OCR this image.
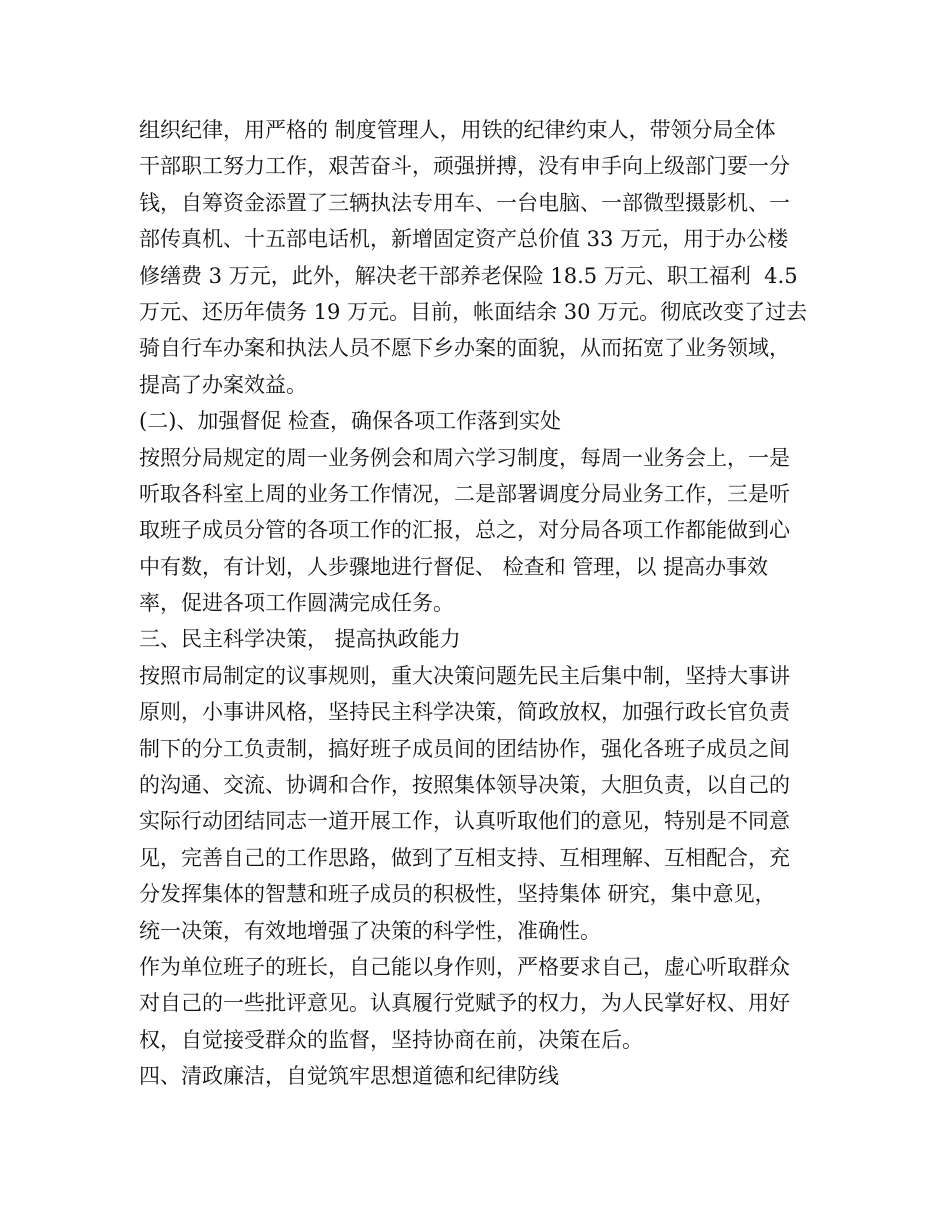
组织纪律，用严格的 制度管理人，用铁的纪律约束人，带领分局全体
干部职工努力工作，艰苦奋斗，顽强拼搏，没有申手向上级部门要一分
钱，自筹资金添置了三辆执法专用车、一台电脑、一部微型摄影机、一
部传真机、十五部电话机，新增固定资产总价值 33 万元，用于办公楼
修缮费 3 万元，此外，解决老干部养老保险 18.5 万元、职工福利  4.5
万元、还历年债务 19 万元。目前，帐面结余 30 万元。彻底改变了过去
骑自行车办案和执法人员不愿下乡办案的面貌，从而拓宽了业务领域，
提高了办案效益。
(二)、加强督促 检查，确保各项工作落到实处
按照分局规定的周一业务例会和周六学习制度，每周一业务会上，一是
听取各科室上周的业务工作情况，二是部署调度分局业务工作，三是听
取班子成员分管的各项工作的汇报，总之，对分局各项工作都能做到心
中有数，有计划，人步骤地进行督促、 检查和 管理，以 提高办事效
率，促进各项工作圆满完成任务。
三、民主科学决策， 提高执政能力
按照市局制定的议事规则，重大决策问题先民主后集中制，坚持大事讲
原则，小事讲风格，坚持民主科学决策，简政放权，加强行政长官负责
制下的分工负责制，搞好班子成员间的团结协作，强化各班子成员之间
的沟通、交流、协调和合作，按照集体领导决策，大胆负责，以自己的
实际行动团结同志一道开展工作，认真听取他们的意见，特别是不同意
见，完善自己的工作思路，做到了互相支持、互相理解、互相配合，充
分发挥集体的智慧和班子成员的积极性，坚持集体 研究，集中意见，
统一决策，有效地增强了决策的科学性，准确性。
作为单位班子的班长，自己能以身作则，严格要求自己，虚心听取群众
对自己的一些批评意见。认真履行党赋予的权力，为人民掌好权、用好
权，自觉接受群众的监督，坚持协商在前，决策在后。
四、清政廉洁，自觉筑牢思想道德和纪律防线
